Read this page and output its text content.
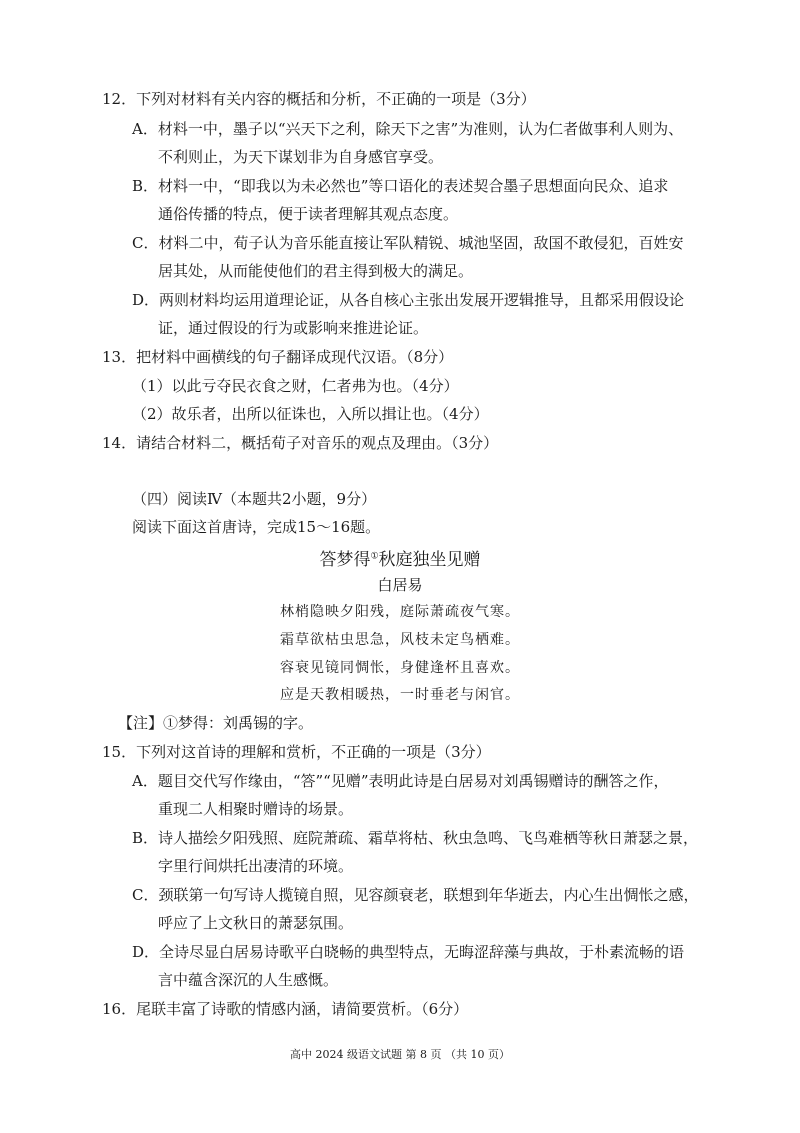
12．下列对材料有关内容的概括和分析，不正确的一项是（3分）
A．材料一中，墨子以“兴天下之利，除天下之害”为准则，认为仁者做事利人则为、
不利则止，为天下谋划非为自身感官享受。
B．材料一中，“即我以为未必然也”等口语化的表述契合墨子思想面向民众、追求
通俗传播的特点，便于读者理解其观点态度。
C．材料二中，荀子认为音乐能直接让军队精锐、城池坚固，敌国不敢侵犯，百姓安
居其处，从而能使他们的君主得到极大的满足。
D．两则材料均运用道理论证，从各自核心主张出发展开逻辑推导，且都采用假设论
证，通过假设的行为或影响来推进论证。
13．把材料中画横线的句子翻译成现代汉语。（8分）
（1）以此亏夺民衣食之财，仁者弗为也。（4分）
（2）故乐者，出所以征诛也，入所以揖让也。（4分）
14．请结合材料二，概括荀子对音乐的观点及理由。（3分）
（四）阅读Ⅳ（本题共2小题，9分）
阅读下面这首唐诗，完成15～16题。
答梦得①秋庭独坐见赠
白居易
林梢隐映夕阳残，庭际萧疏夜气寒。
霜草欲枯虫思急，风枝未定鸟栖难。
容衰见镜同惆怅，身健逢杯且喜欢。
应是天教相暖热，一时垂老与闲官。
【注】①梦得：刘禹锡的字。
15．下列对这首诗的理解和赏析，不正确的一项是（3分）
A．题目交代写作缘由，“答”“见赠”表明此诗是白居易对刘禹锡赠诗的酬答之作，
重现二人相聚时赠诗的场景。
B．诗人描绘夕阳残照、庭院萧疏、霜草将枯、秋虫急鸣、飞鸟难栖等秋日萧瑟之景，
字里行间烘托出凄清的环境。
C．颈联第一句写诗人揽镜自照，见容颜衰老，联想到年华逝去，内心生出惆怅之感，
呼应了上文秋日的萧瑟氛围。
D．全诗尽显白居易诗歌平白晓畅的典型特点，无晦涩辞藻与典故，于朴素流畅的语
言中蕴含深沉的人生感慨。
16．尾联丰富了诗歌的情感内涵，请简要赏析。（6分）
高中 2024 级语文试题 第 8 页 （共 10 页）
